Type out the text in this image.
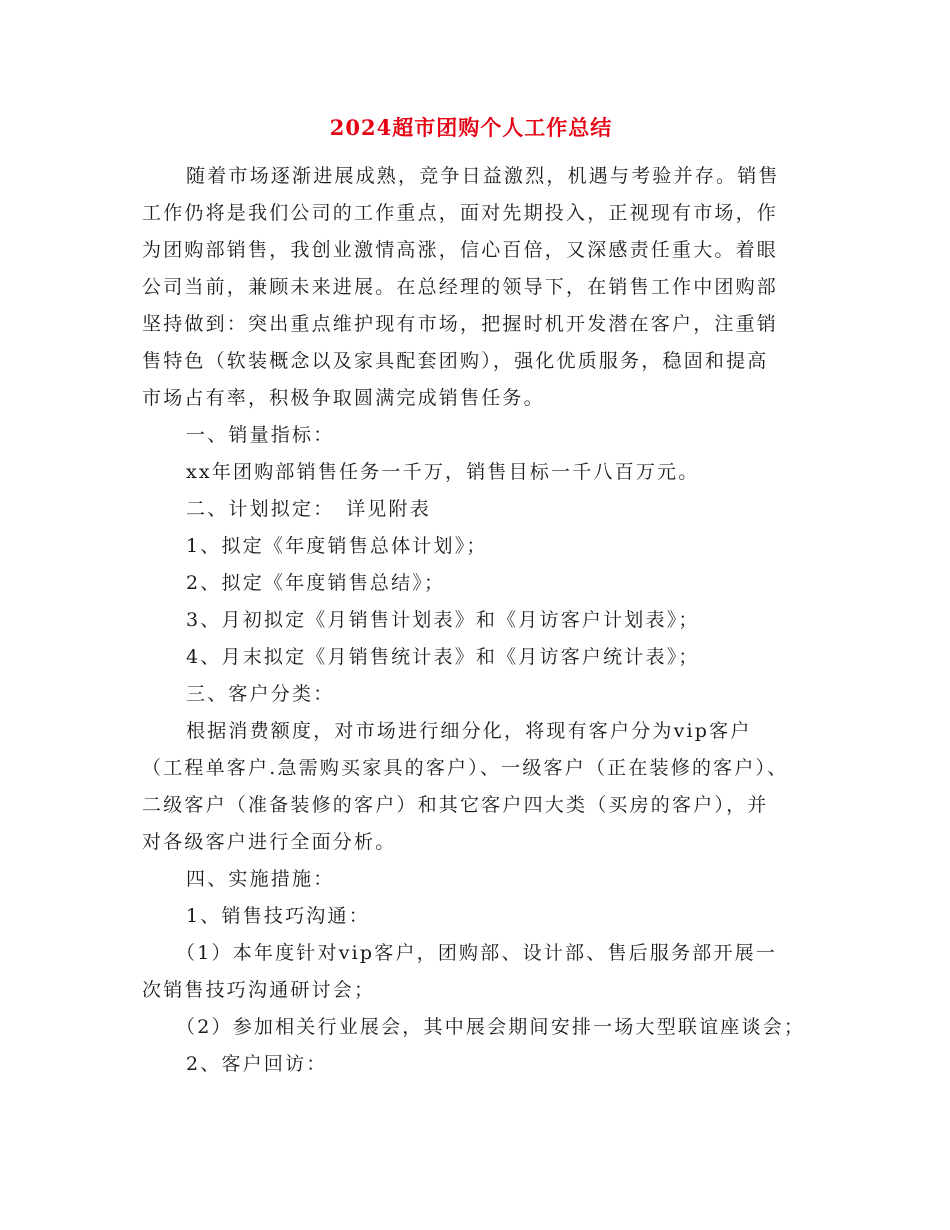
2024超市团购个人工作总结

随着市场逐渐进展成熟，竞争日益激烈，机遇与考验并存。销售
工作仍将是我们公司的工作重点，面对先期投入，正视现有市场，作
为团购部销售，我创业激情高涨，信心百倍，又深感责任重大。着眼
公司当前，兼顾未来进展。在总经理的领导下，在销售工作中团购部
坚持做到：突出重点维护现有市场，把握时机开发潜在客户，注重销
售特色（软装概念以及家具配套团购），强化优质服务，稳固和提高
市场占有率，积极争取圆满完成销售任务。

一、销量指标：

xx年团购部销售任务一千万，销售目标一千八百万元。

二、计划拟定：　详见附表

1、拟定《年度销售总体计划》；

2、拟定《年度销售总结》；

3、月初拟定《月销售计划表》和《月访客户计划表》；

4、月末拟定《月销售统计表》和《月访客户统计表》；

三、客户分类：

根据消费额度，对市场进行细分化，将现有客户分为vip客户
（工程单客户.急需购买家具的客户）、一级客户（正在装修的客户）、
二级客户（准备装修的客户）和其它客户四大类（买房的客户），并
对各级客户进行全面分析。

四、实施措施：

1、销售技巧沟通：

（1）本年度针对vip客户，团购部、设计部、售后服务部开展一
次销售技巧沟通研讨会；

（2）参加相关行业展会，其中展会期间安排一场大型联谊座谈会；

2、客户回访：
